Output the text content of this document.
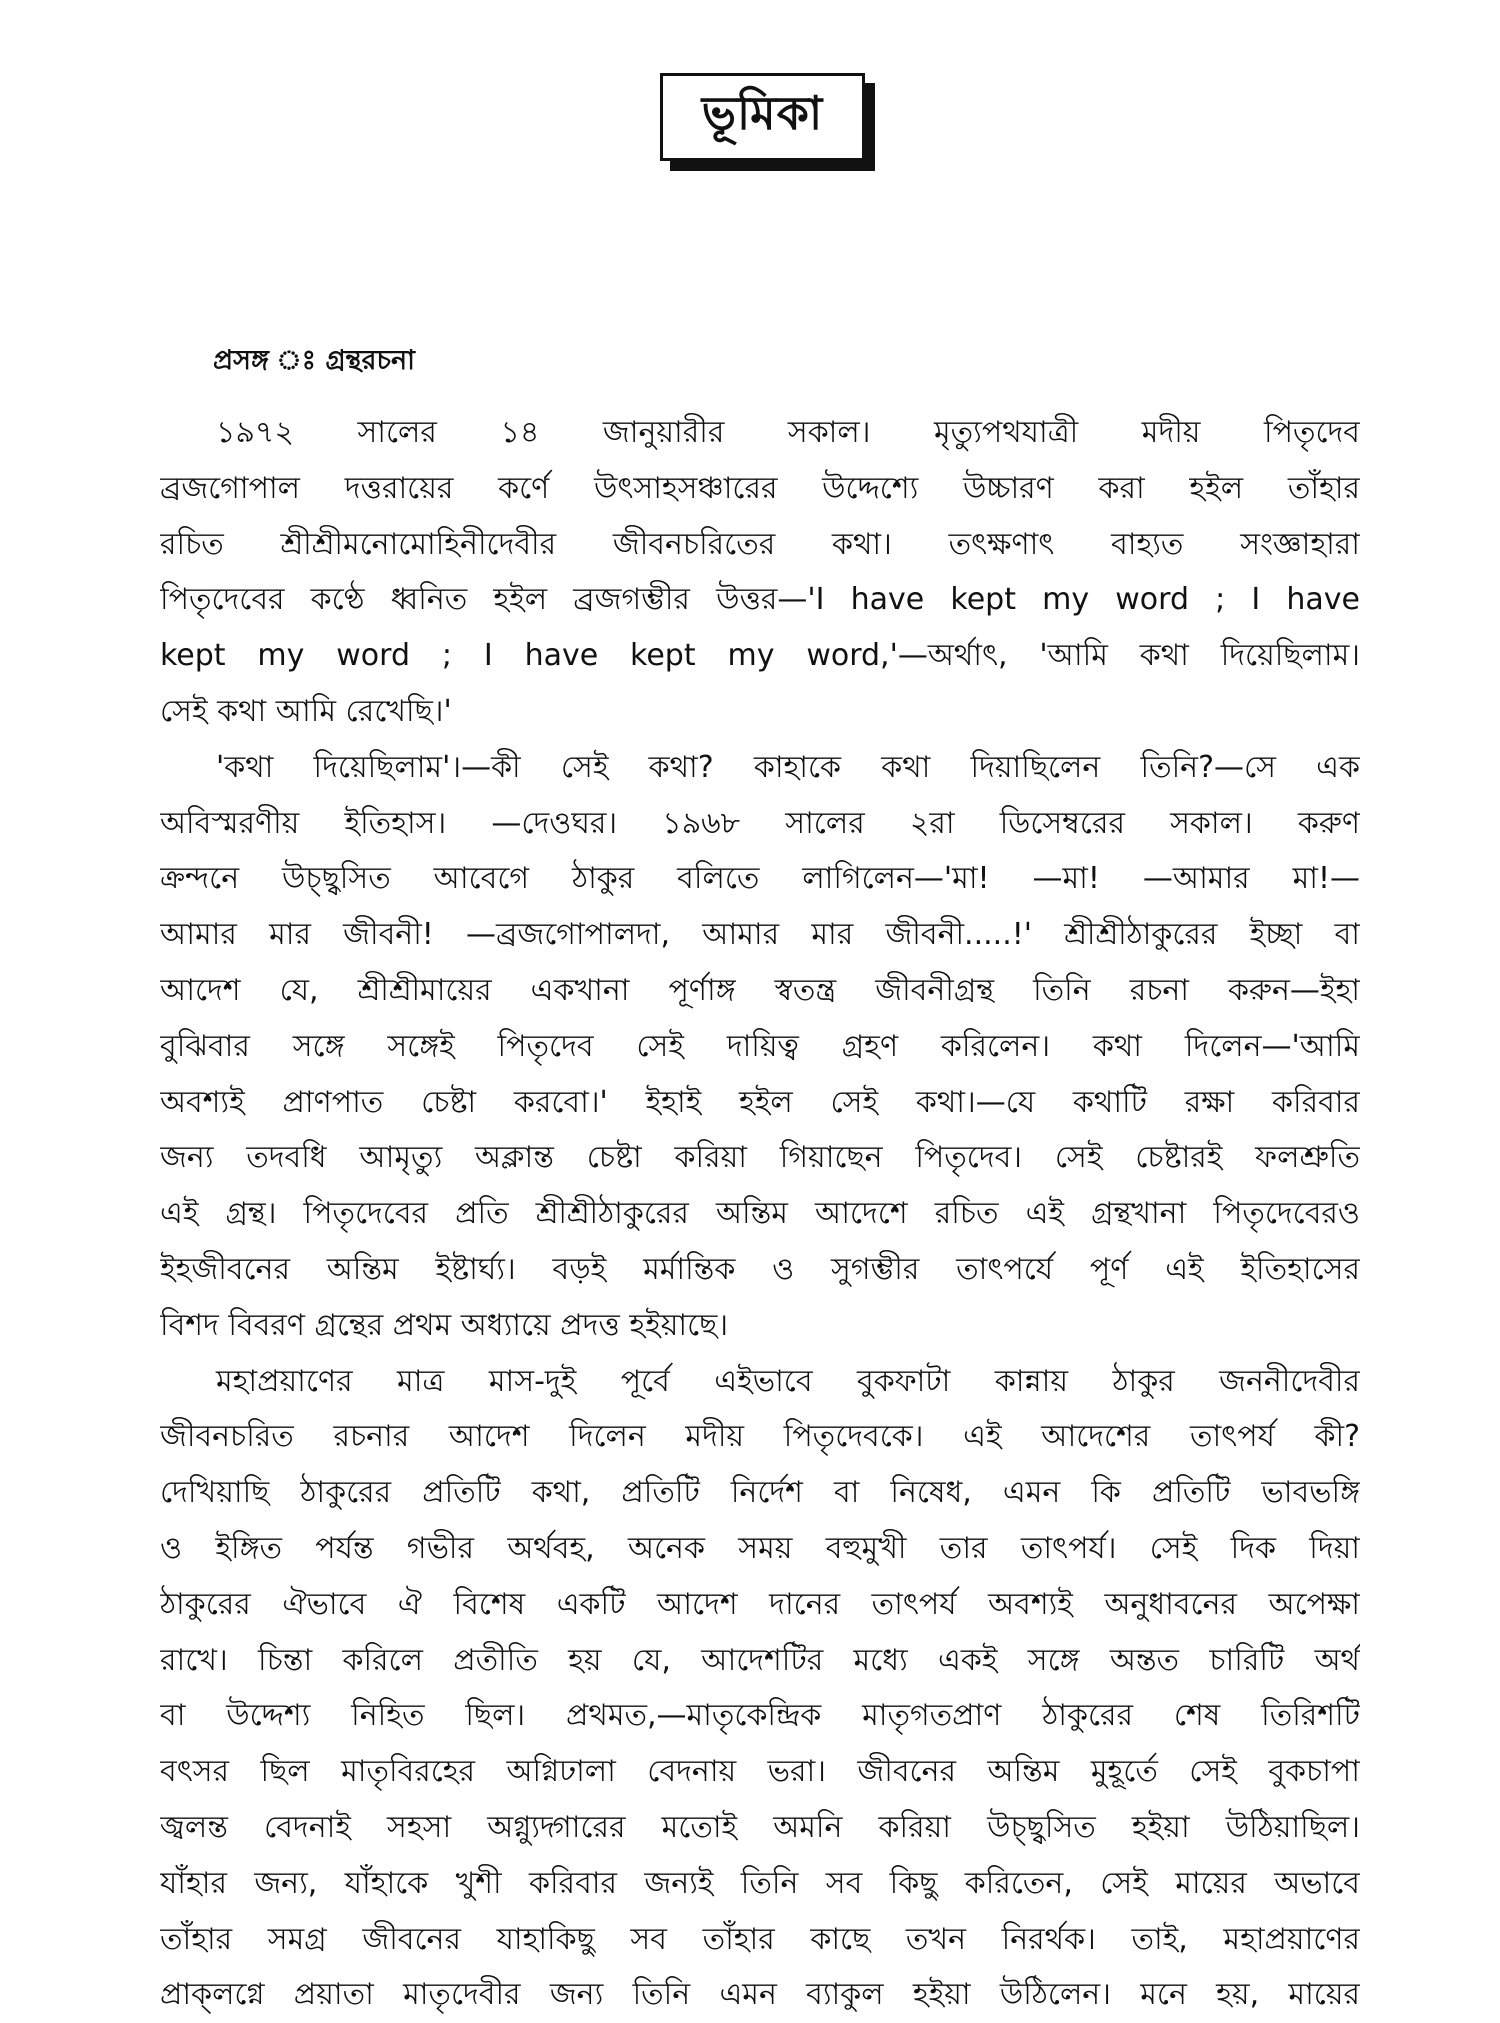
ভূমিকা
প্রসঙ্গ ঃ গ্রন্থরচনা
১৯৭২ সালের ১৪ জানুয়ারীর সকাল। মৃত্যুপথযাত্রী মদীয় পিতৃদেব
ব্রজগোপাল দত্তরায়ের কর্ণে উৎসাহসঞ্চারের উদ্দেশ্যে উচ্চারণ করা হইল তাঁহার
রচিত শ্রীশ্রীমনোমোহিনীদেবীর জীবনচরিতের কথা। তৎক্ষণাৎ বাহ্যত সংজ্ঞাহারা
পিতৃদেবের কণ্ঠে ধ্বনিত হইল ব্রজগম্ভীর উত্তর—'I have kept my word ; I have
kept my word ; I have kept my word,'—অর্থাৎ, 'আমি কথা দিয়েছিলাম।
সেই কথা আমি রেখেছি।'
'কথা দিয়েছিলাম'।—কী সেই কথা? কাহাকে কথা দিয়াছিলেন তিনি?—সে এক
অবিস্মরণীয় ইতিহাস। —দেওঘর। ১৯৬৮ সালের ২রা ডিসেম্বরের সকাল। করুণ
ক্রন্দনে উচ্ছ্বসিত আবেগে ঠাকুর বলিতে লাগিলেন—'মা! —মা! —আমার মা!—
আমার মার জীবনী! —ব্রজগোপালদা, আমার মার জীবনী.....!' শ্রীশ্রীঠাকুরের ইচ্ছা বা
আদেশ যে, শ্রীশ্রীমায়ের একখানা পূর্ণাঙ্গ স্বতন্ত্র জীবনীগ্রন্থ তিনি রচনা করুন—ইহা
বুঝিবার সঙ্গে সঙ্গেই পিতৃদেব সেই দায়িত্ব গ্রহণ করিলেন। কথা দিলেন—'আমি
অবশ্যই প্রাণপাত চেষ্টা করবো।' ইহাই হইল সেই কথা।—যে কথাটি রক্ষা করিবার
জন্য তদবধি আমৃত্যু অক্লান্ত চেষ্টা করিয়া গিয়াছেন পিতৃদেব। সেই চেষ্টারই ফলশ্রুতি
এই গ্রন্থ। পিতৃদেবের প্রতি শ্রীশ্রীঠাকুরের অন্তিম আদেশে রচিত এই গ্রন্থখানা পিতৃদেবেরও
ইহজীবনের অন্তিম ইষ্টার্ঘ্য। বড়ই মর্মান্তিক ও সুগম্ভীর তাৎপর্যে পূর্ণ এই ইতিহাসের
বিশদ বিবরণ গ্রন্থের প্রথম অধ্যায়ে প্রদত্ত হইয়াছে।
মহাপ্রয়াণের মাত্র মাস-দুই পূর্বে এইভাবে বুকফাটা কান্নায় ঠাকুর জননীদেবীর
জীবনচরিত রচনার আদেশ দিলেন মদীয় পিতৃদেবকে। এই আদেশের তাৎপর্য কী?
দেখিয়াছি ঠাকুরের প্রতিটি কথা, প্রতিটি নির্দেশ বা নিষেধ, এমন কি প্রতিটি ভাবভঙ্গি
ও ইঙ্গিত পর্যন্ত গভীর অর্থবহ, অনেক সময় বহুমুখী তার তাৎপর্য। সেই দিক দিয়া
ঠাকুরের ঐভাবে ঐ বিশেষ একটি আদেশ দানের তাৎপর্য অবশ্যই অনুধাবনের অপেক্ষা
রাখে। চিন্তা করিলে প্রতীতি হয় যে, আদেশটির মধ্যে একই সঙ্গে অন্তত চারিটি অর্থ
বা উদ্দেশ্য নিহিত ছিল। প্রথমত,—মাতৃকেন্দ্রিক মাতৃগতপ্রাণ ঠাকুরের শেষ তিরিশটি
বৎসর ছিল মাতৃবিরহের অগ্নিঢালা বেদনায় ভরা। জীবনের অন্তিম মুহূর্তে সেই বুকচাপা
জ্বলন্ত বেদনাই সহসা অগ্ন্যুদ্গারের মতোই অমনি করিয়া উচ্ছ্বসিত হইয়া উঠিয়াছিল।
যাঁহার জন্য, যাঁহাকে খুশী করিবার জন্যই তিনি সব কিছু করিতেন, সেই মায়ের অভাবে
তাঁহার সমগ্র জীবনের যাহাকিছু সব তাঁহার কাছে তখন নিরর্থক। তাই, মহাপ্রয়াণের
প্রাক্‌লগ্নে প্রয়াতা মাতৃদেবীর জন্য তিনি এমন ব্যাকুল হইয়া উঠিলেন। মনে হয়, মায়ের
